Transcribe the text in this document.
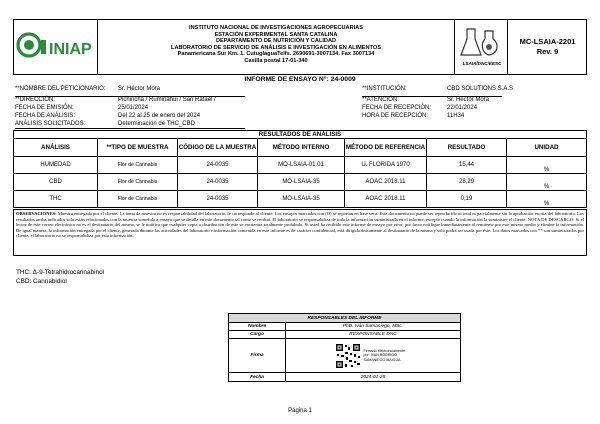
INIAP
INSTITUTO NACIONAL DE INVESTIGACIONES AGROPECUARIAS
ESTACIÓN EXPERIMENTAL SANTA CATALINA
DEPARTAMENTO DE NUTRICIÓN Y CALIDAD
LABORATORIO DE SERVICIO DE ANÁLISIS E INVESTIGACIÓN EN ALIMENTOS
Panamericana Sur Km. 1. CutuglaguaTelfs. 2690691-3007134. Fax 3007134
Casilla postal 17-01-340	LSAIA/DNC/EESC
MC-LSAIA-2201
Rev. 9
INFORME DE ENSAYO N°: 24-0009
**NOMBRE DEL PETICIONARIO: Sr. Héctor Mora
**DIRECCIÓN:	Pichincha / Rumiñahui / San Rafael /
FECHA DE EMISIÓN:	25/01/2024
FECHA DE ANÁLISIS:	Del 22 al 25 de enero del 2024
ANÁLISIS SOLICITADOS:	Determinación de THC_CBD
**INSTITUCIÓN:	CBD SOLUTIONS S.A.S
**ATENCIÓN:	Sr. Héctor Mora
FECHA DE RECEPCIÓN:	22/01/2024
HORA DE RECEPCIÓN:	11H34
RESULTADOS DE ANÁLISIS						
ANÁLISIS	**TIPO DE MUESTRA	CÓDIGO DE LA MUESTRA	MÉTODO INTERNO	MÉTODO DE REFERENCIA	RESULTADO	UNIDAD
HUMEDAD	Flor de Cannabis	24-0035	MO-LSAIA-01.01	U. FLORIDA 1970	15,44	%
CBD	Flor de Cannabis	24-0035	MO-LSAIA-35	AOAC 2018.11	28,29	%
THC	Flor de Cannabis	24-0035	MO-LSAIA-35	AOAC 2018.11	0,19	%
OBSERVACIONES: Muestra entregada por el cliente. La toma de muestra no es responsabilidad del laboratorio, le corresponde al cliente. Los ensayos marcados con (O) se reportan en base seca. Este documento no puede ser reproducido ni total ni parcialmente sin la aprobación escrita del laboratorio. Los resultados arriba indicados solo están relacionados con la muestra sometida a ensayo que se detalla en este documento tal como se recibió. El laboratorio se responsabiliza de toda la información suministrada en el informe, excepto cuando la información la suministre el cliente. NOTA DE DESCARGO: Si el lector de este correo electrónico no es el destinatario del mismo, se le notifica que cualquier copia o distribución de este se encuentra totalmente prohibido. Si usted ha recibido este informe de ensayo por error, por favor notifique inmediatamente al remitente por este mismo medio y elimine la información. De igual manera, la información entregada por el cliente, generada durante las actividades del laboratorio e información contenida en este informe es de carácter confidencial, está dirigida únicamente al destinatario de la misma y solo podrá ser usada por éste. Los datos marcados con ** son suministrados por cliente, el laboratorio no se responsabiliza por esta información.
THC: Δ-9-Tetrahidrocannabinol
CBD: Cannabidiol
RESPONSABLES DEL INFORME	
Nombre	PhD. Iván Samaniego, MSc.
Cargo	RESPONSABLE DNC
Firma	Firmado electrónicamente por: IVAN RODRIGO SAMANIEGO MAIGUA

Fecha	2024-01-25
Página 1
